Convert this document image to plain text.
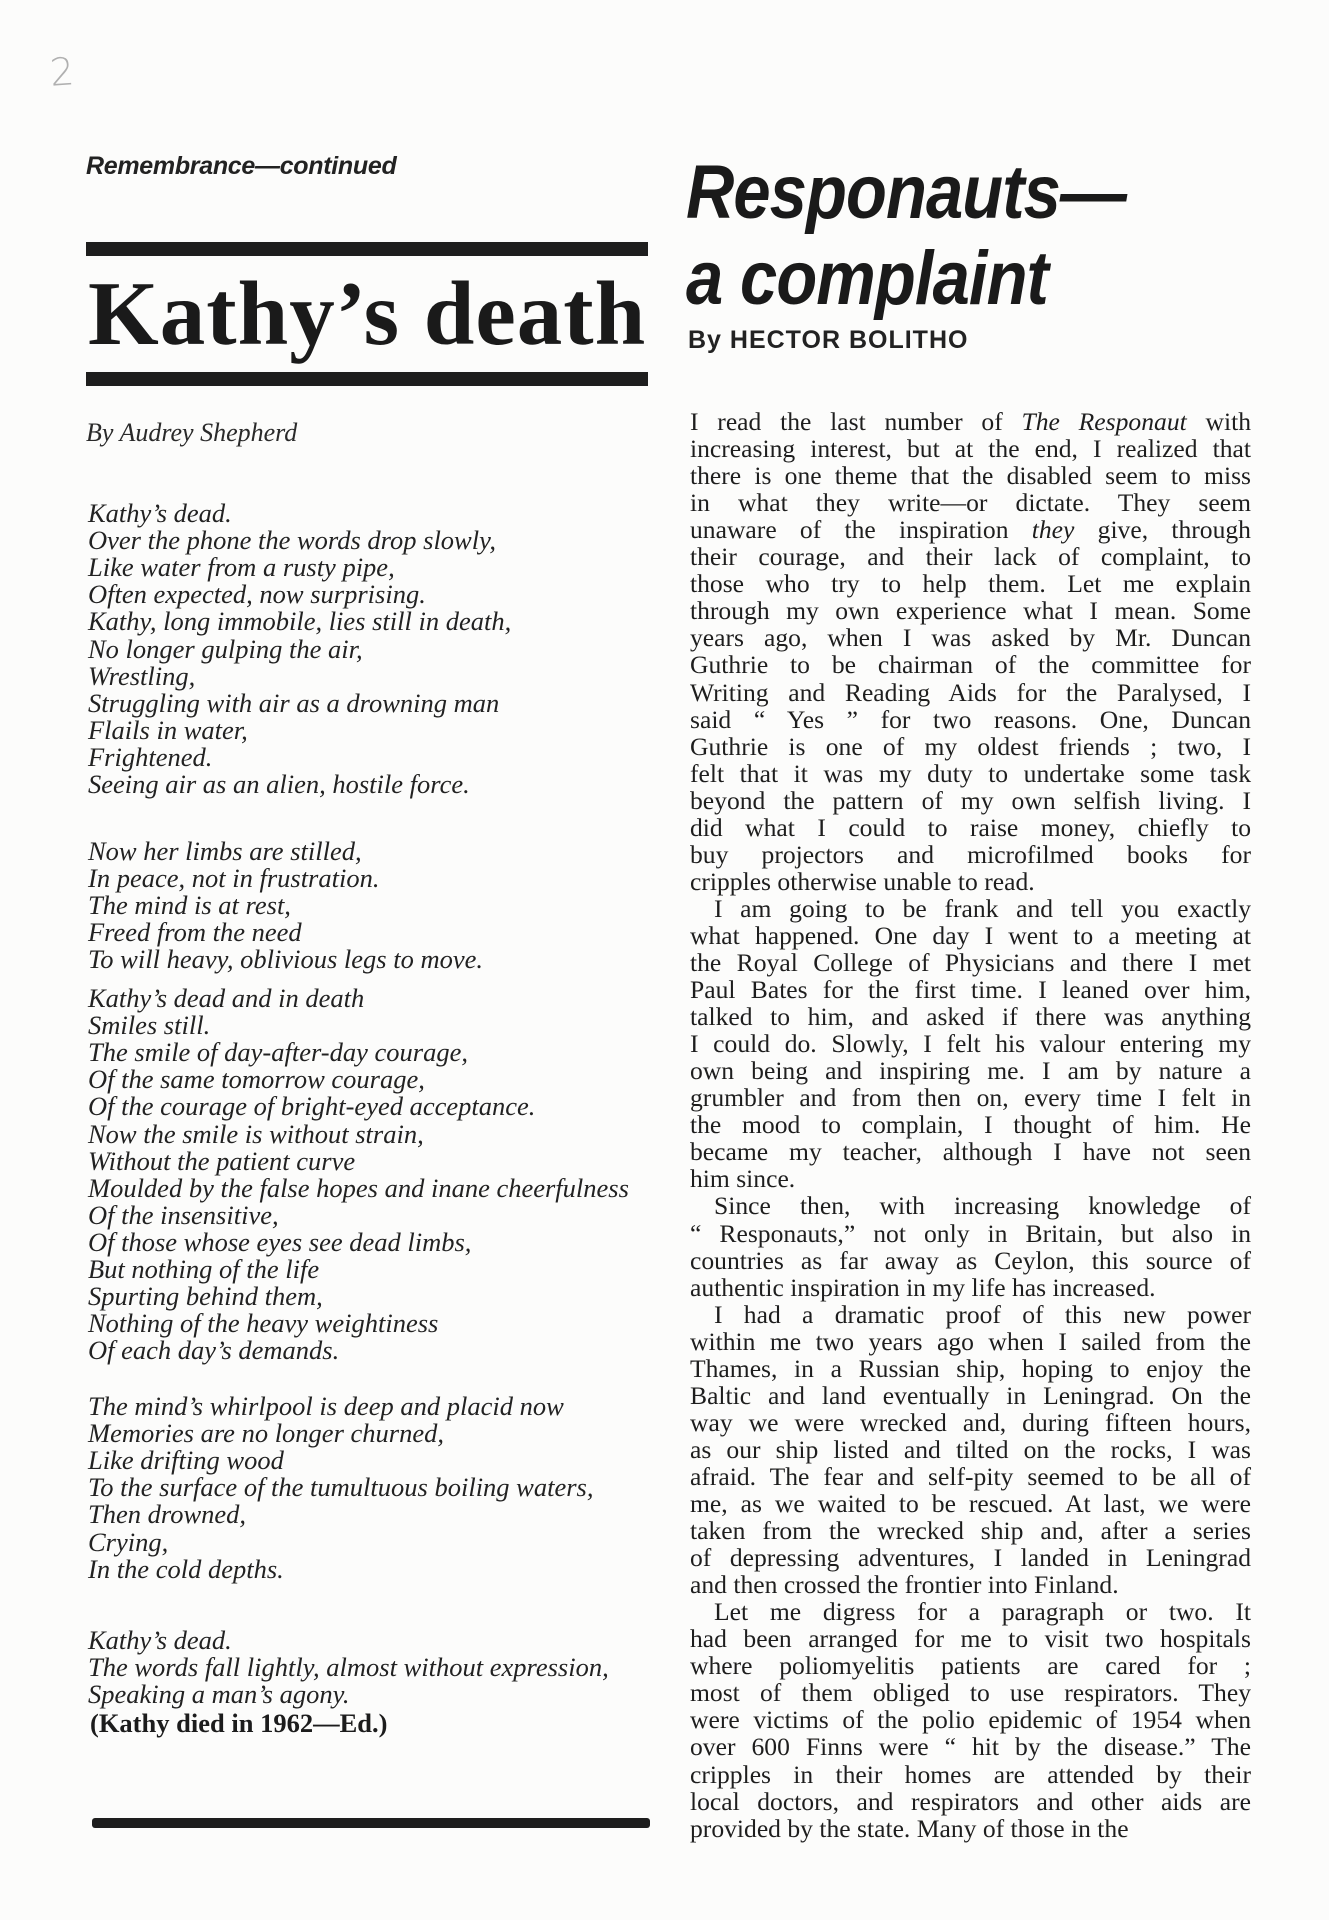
2
Remembrance—continued
Kathy’s death
By Audrey Shepherd
Kathy’s dead.
Over the phone the words drop slowly,
Like water from a rusty pipe,
Often expected, now surprising.
Kathy, long immobile, lies still in death,
No longer gulping the air,
Wrestling,
Struggling with air as a drowning man
Flails in water,
Frightened.
Seeing air as an alien, hostile force.
Now her limbs are stilled,
In peace, not in frustration.
The mind is at rest,
Freed from the need
To will heavy, oblivious legs to move.
Kathy’s dead and in death
Smiles still.
The smile of day-after-day courage,
Of the same tomorrow courage,
Of the courage of bright-eyed acceptance.
Now the smile is without strain,
Without the patient curve
Moulded by the false hopes and inane cheerfulness
Of the insensitive,
Of those whose eyes see dead limbs,
But nothing of the life
Spurting behind them,
Nothing of the heavy weightiness
Of each day’s demands.
The mind’s whirlpool is deep and placid now
Memories are no longer churned,
Like drifting wood
To the surface of the tumultuous boiling waters,
Then drowned,
Crying,
In the cold depths.
Kathy’s dead.
The words fall lightly, almost without expression,
Speaking a man’s agony.
(Kathy died in 1962—Ed.)
Responauts—
a complaint
By HECTOR BOLITHO
I read the last number of The Responaut with
increasing interest, but at the end, I realized that
there is one theme that the disabled seem to miss
in what they write—or dictate. They seem
unaware of the inspiration they give, through
their courage, and their lack of complaint, to
those who try to help them. Let me explain
through my own experience what I mean. Some
years ago, when I was asked by Mr. Duncan
Guthrie to be chairman of the committee for
Writing and Reading Aids for the Paralysed, I
said “ Yes ” for two reasons. One, Duncan
Guthrie is one of my oldest friends ; two, I
felt that it was my duty to undertake some task
beyond the pattern of my own selfish living. I
did what I could to raise money, chiefly to
buy projectors and microfilmed books for
cripples otherwise unable to read.
I am going to be frank and tell you exactly
what happened. One day I went to a meeting at
the Royal College of Physicians and there I met
Paul Bates for the first time. I leaned over him,
talked to him, and asked if there was anything
I could do. Slowly, I felt his valour entering my
own being and inspiring me. I am by nature a
grumbler and from then on, every time I felt in
the mood to complain, I thought of him. He
became my teacher, although I have not seen
him since.
Since then, with increasing knowledge of
“ Responauts,” not only in Britain, but also in
countries as far away as Ceylon, this source of
authentic inspiration in my life has increased.
I had a dramatic proof of this new power
within me two years ago when I sailed from the
Thames, in a Russian ship, hoping to enjoy the
Baltic and land eventually in Leningrad. On the
way we were wrecked and, during fifteen hours,
as our ship listed and tilted on the rocks, I was
afraid. The fear and self-pity seemed to be all of
me, as we waited to be rescued. At last, we were
taken from the wrecked ship and, after a series
of depressing adventures, I landed in Leningrad
and then crossed the frontier into Finland.
Let me digress for a paragraph or two. It
had been arranged for me to visit two hospitals
where poliomyelitis patients are cared for ;
most of them obliged to use respirators. They
were victims of the polio epidemic of 1954 when
over 600 Finns were “ hit by the disease.” The
cripples in their homes are attended by their
local doctors, and respirators and other aids are
provided by the state. Many of those in the
